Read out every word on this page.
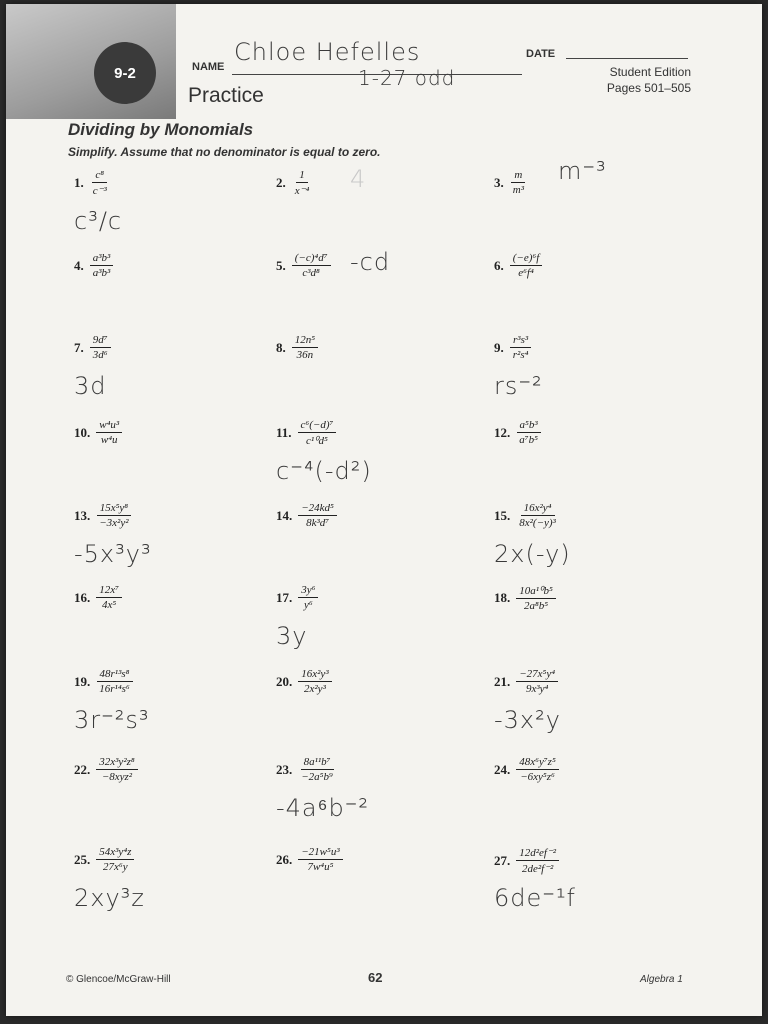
9-2	NAME
Chloe Hefelles
1-27 odd
DATE
Student Edition
Pages 501–505
Practice
Dividing by Monomials
Simplify. Assume that no denominator is equal to zero.
1. $\frac{\text{c⁸}}{\text{c⁻³}}$
c³/c
2. $\frac{1}{\text{x⁻⁴}} 4$	3. $\frac{m}{\text{m³}} m^{-3}$
4. $\frac{\text{a³b³}}{\text{a³b³}}$	5. $\frac{\text{(−c)⁴d⁷}}{\text{c³d⁸}} -cd$	6. $\frac{\text{(−e)⁶f}}{\text{e⁶f⁴}}$
7. $\frac{\text{9d⁷}}{\text{3d⁶}}$
3d
8. $\frac{\text{12n⁵}}{36n}$	9. $\frac{\text{r³s³}}{\text{r²s⁴}}$
rs⁻²
10. $\frac{\text{w⁴u³}}{\text{w⁴u}}$	11. $\frac{\text{c⁶(−d)⁷}}{\text{c¹⁰d⁵}}$
c⁻⁴(-d²)
12. $\frac{\text{a⁵b³}}{\text{a⁷b⁵}}$
13. $\frac{\text{15x⁵y⁸}}{\text{−3x²y²}}$
-5x³y³
14. $\frac{\text{−24kd⁵}}{\text{8k³d⁷}}$	15. $\frac{\text{16x²y⁴}}{\text{8x²(−y)³}}$
2x(-y)
16. $\frac{\text{12x⁷}}{\text{4x⁵}}$	17. $\frac{\text{3y⁶}}{\text{y⁶}}$
3y
18. $\frac{\text{10a¹⁰b⁵}}{\text{2a⁸b⁵}}$
19. $\frac{\text{48r¹³s⁸}}{\text{16r¹⁴s⁶}}$
3r⁻²s³
20. $\frac{\text{16x²y³}}{\text{2x²y³}}$	21. $\frac{\text{−27x⁵y⁴}}{\text{9x³y⁴}}$
-3x²y
22. $\frac{\text{32x³y²z⁸}}{\text{−8xyz²}}$	23. $\frac{\text{8a¹¹b⁷}}{\text{−2a⁵b⁹}}$
-4a⁶b⁻²
24. $\frac{\text{48x⁶y⁷z⁵}}{\text{−6xy⁵z⁶}}$
25. $\frac{\text{54x³y⁴z}}{\text{27x⁶y}}$
2xy³z
26. $\frac{\text{−21w⁵u³}}{\text{7w⁴u⁵}}$	27. $\frac{\text{12d²ef⁻²}}{\text{2de²f⁻²}}$
6de⁻¹f
© Glencoe/McGraw-Hill	62	Algebra 1
